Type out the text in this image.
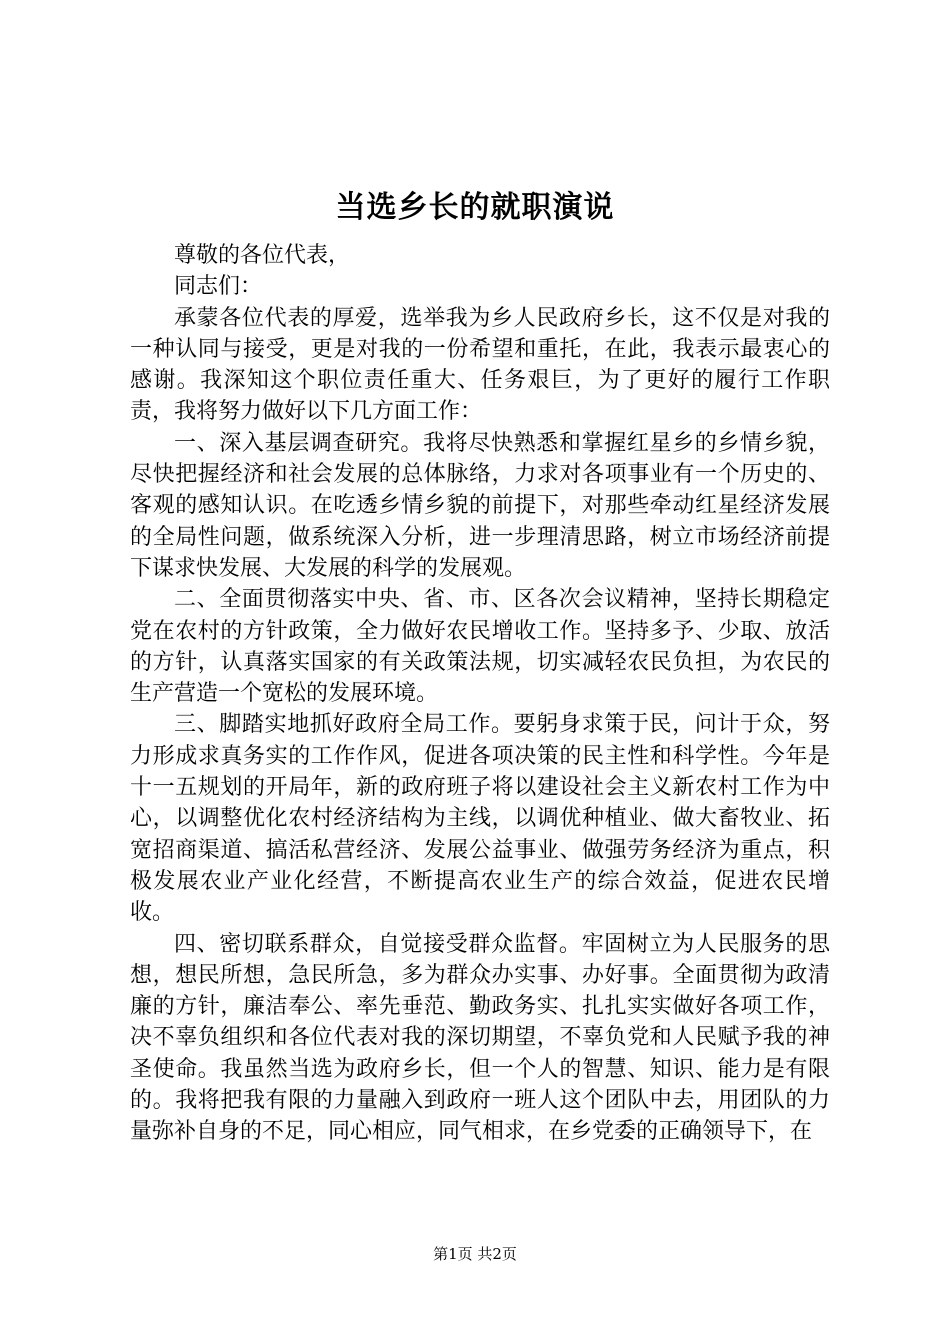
当选乡长的就职演说

尊敬的各位代表，

同志们：

承蒙各位代表的厚爱，选举我为乡人民政府乡长，这不仅是对我的一种认同与接受，更是对我的一份希望和重托，在此，我表示最衷心的感谢。我深知这个职位责任重大、任务艰巨，为了更好的履行工作职责，我将努力做好以下几方面工作：

一、深入基层调查研究。我将尽快熟悉和掌握红星乡的乡情乡貌，尽快把握经济和社会发展的总体脉络，力求对各项事业有一个历史的、客观的感知认识。在吃透乡情乡貌的前提下，对那些牵动红星经济发展的全局性问题，做系统深入分析，进一步理清思路，树立市场经济前提下谋求快发展、大发展的科学的发展观。

二、全面贯彻落实中央、省、市、区各次会议精神，坚持长期稳定党在农村的方针政策，全力做好农民增收工作。坚持多予、少取、放活的方针，认真落实国家的有关政策法规，切实减轻农民负担，为农民的生产营造一个宽松的发展环境。

三、脚踏实地抓好政府全局工作。要躬身求策于民，问计于众，努力形成求真务实的工作作风，促进各项决策的民主性和科学性。今年是十一五规划的开局年，新的政府班子将以建设社会主义新农村工作为中心，以调整优化农村经济结构为主线，以调优种植业、做大畜牧业、拓宽招商渠道、搞活私营经济、发展公益事业、做强劳务经济为重点，积极发展农业产业化经营，不断提高农业生产的综合效益，促进农民增收。

四、密切联系群众，自觉接受群众监督。牢固树立为人民服务的思想，想民所想，急民所急，多为群众办实事、办好事。全面贯彻为政清廉的方针，廉洁奉公、率先垂范、勤政务实、扎扎实实做好各项工作，决不辜负组织和各位代表对我的深切期望，不辜负党和人民赋予我的神圣使命。我虽然当选为政府乡长，但一个人的智慧、知识、能力是有限的。我将把我有限的力量融入到政府一班人这个团队中去，用团队的力量弥补自身的不足，同心相应，同气相求，在乡党委的正确领导下，在

第1页 共2页
